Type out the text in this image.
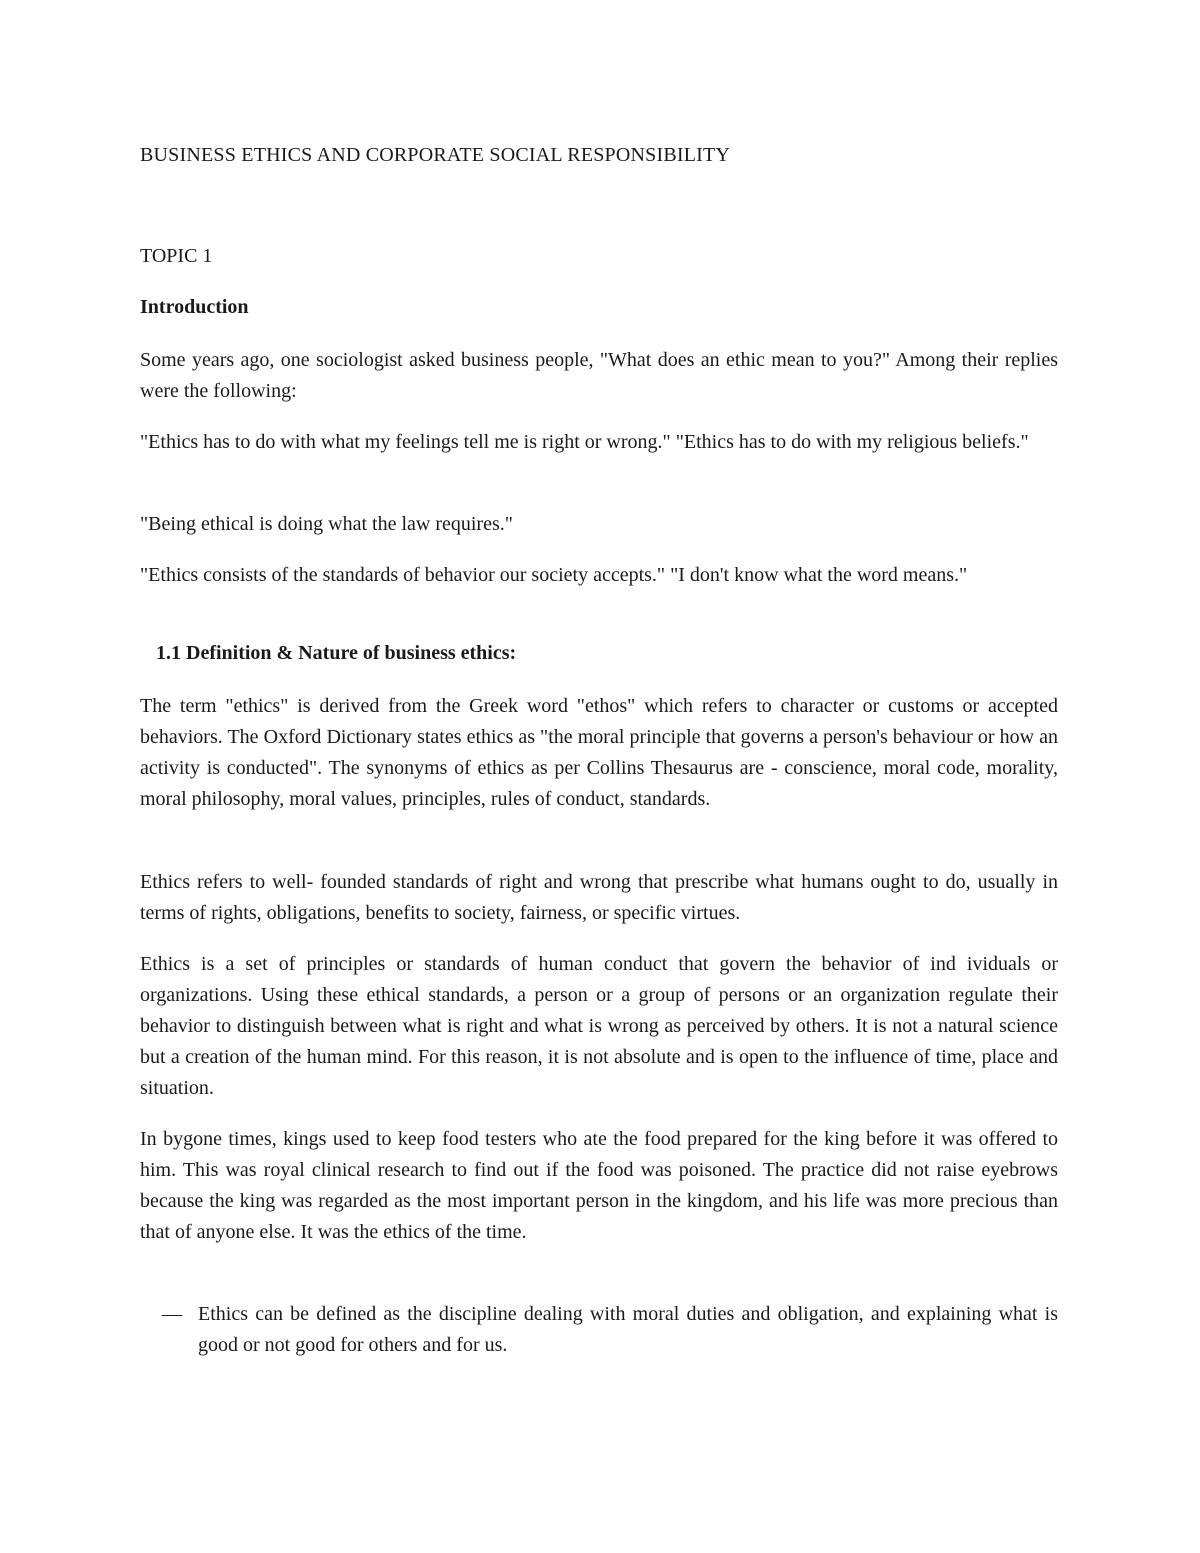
BUSINESS ETHICS AND CORPORATE SOCIAL RESPONSIBILITY
TOPIC 1
Introduction

Some years ago, one sociologist asked business people, "What does an ethic mean to you?" Among their replies were the following:

"Ethics has to do with what my feelings tell me is right or wrong." "Ethics has to do with my religious beliefs."

"Being ethical is doing what the law requires."

"Ethics consists of the standards of behavior our society accepts." "I don't know what the word means."

1.1 Definition & Nature of business ethics:

The term "ethics" is derived from the Greek word "ethos" which refers to character or customs or accepted behaviors. The Oxford Dictionary states ethics as "the moral principle that governs a person's behaviour or how an activity is conducted". The synonyms of ethics as per Collins Thesaurus are - conscience, moral code, morality, moral philosophy, moral values, principles, rules of conduct, standards.

Ethics refers to well- founded standards of right and wrong that prescribe what humans ought to do, usually in terms of rights, obligations, benefits to society, fairness, or specific virtues.

Ethics is a set of principles or standards of human conduct that govern the behavior of ind ividuals or organizations. Using these ethical standards, a person or a group of persons or an organization regulate their behavior to distinguish between what is right and what is wrong as perceived by others. It is not a natural science but a creation of the human mind. For this reason, it is not absolute and is open to the influence of time, place and situation.

In bygone times, kings used to keep food testers who ate the food prepared for the king before it was offered to him. This was royal clinical research to find out if the food was poisoned. The practice did not raise eyebrows because the king was regarded as the most important person in the kingdom, and his life was more precious than that of anyone else. It was the ethics of the time.

— Ethics can be defined as the discipline dealing with moral duties and obligation, and explaining what is good or not good for others and for us.
